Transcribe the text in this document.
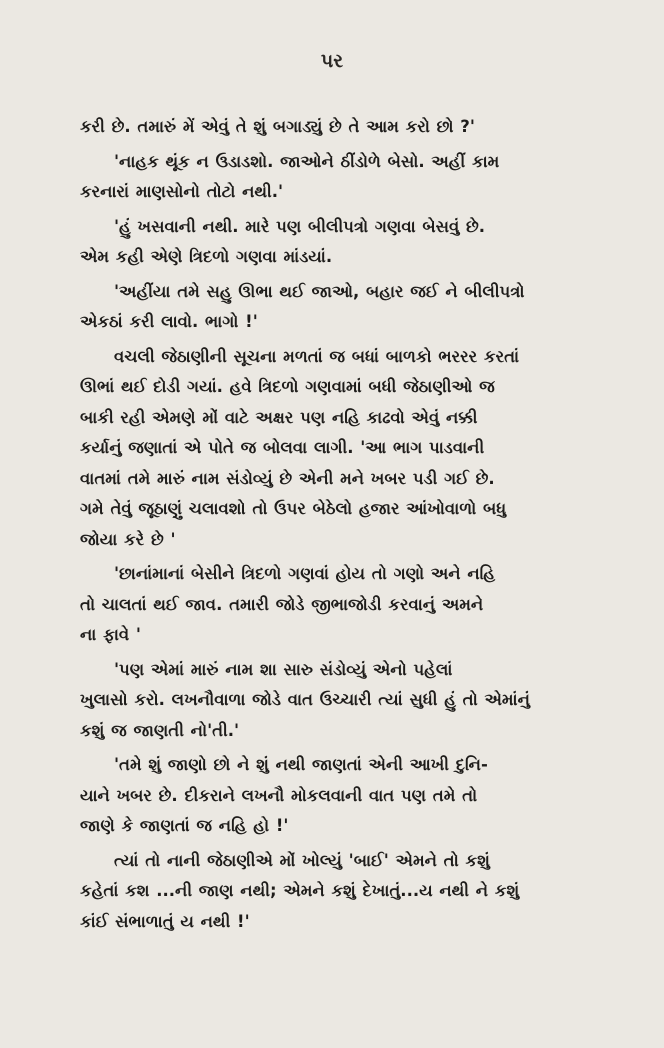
પર

કરી છે. તમારું મેં એવું તે શું બગાડ્યું છે તે આમ કરો છો ?'

'નાહક થૂંક ન ઉડાડશો. જાઓને ઠીંડોળે બેસો. અહીં કામ
કરનારાં માણસોનો તોટો નથી.'

'હું ખસવાની નથી. મારે પણ બીલીપત્રો ગણવા બેસવું છે.
એમ કહી એણે ત્રિદળો ગણવા માંડયાં.

'અહીંયા તમે સહુ ઊભા થઈ જાઓ, બહાર જઈ ને બીલીપત્રો
એકઠાં કરી લાવો. ભાગો !'

વચલી જેઠાણીની સૂચના મળતાં જ બધાં બાળકો ભરરર કરતાં
ઊભાં થઈ દોડી ગયાં. હવે ત્રિદળો ગણવામાં બધી જેઠાણીઓ જ
બાકી રહી એમણે મોં વાટે અક્ષર પણ નહિ કાઢવો એવું નક્કી
કર્યાનું જણાતાં એ પોતે જ બોલવા લાગી. 'આ ભાગ પાડવાની
વાતમાં તમે મારું નામ સંડોવ્યું છે એની મને ખબર પડી ગઈ છે.
ગમે તેવું જૂઠાણું ચલાવશો તો ઉપર બેઠેલો હજાર આંખોવાળો બધુ
જોયા કરે છે '

'છાનાંમાનાં બેસીને ત્રિદળો ગણવાં હોય તો ગણો અને નહિ
તો ચાલતાં થઈ જાવ. તમારી જોડે જીભાજોડી કરવાનું અમને
ના ફાવે '

'પણ એમાં મારું નામ શા સારુ સંડોવ્યું એનો પહેલાં
ખુલાસો કરો. લખનૌવાળા જોડે વાત ઉચ્ચારી ત્યાં સુધી હું તો એમાંનું
કશું જ જાણતી નો'તી.'

'તમે શું જાણો છો ને શું નથી જાણતાં એની આખી દુનિ-
યાને ખબર છે. દીકરાને લખનૌ મોકલવાની વાત પણ તમે તો
જાણે કે જાણતાં જ નહિ હો !'

ત્યાં તો નાની જેઠાણીએ મોં ખોલ્યું 'બાઈ' એમને તો કશું
કહેતાં કશ ...ની જાણ નથી; એમને કશું દેખાતું...ય નથી ને કશું
કાંઈ સંભાળાતું ય નથી !'
